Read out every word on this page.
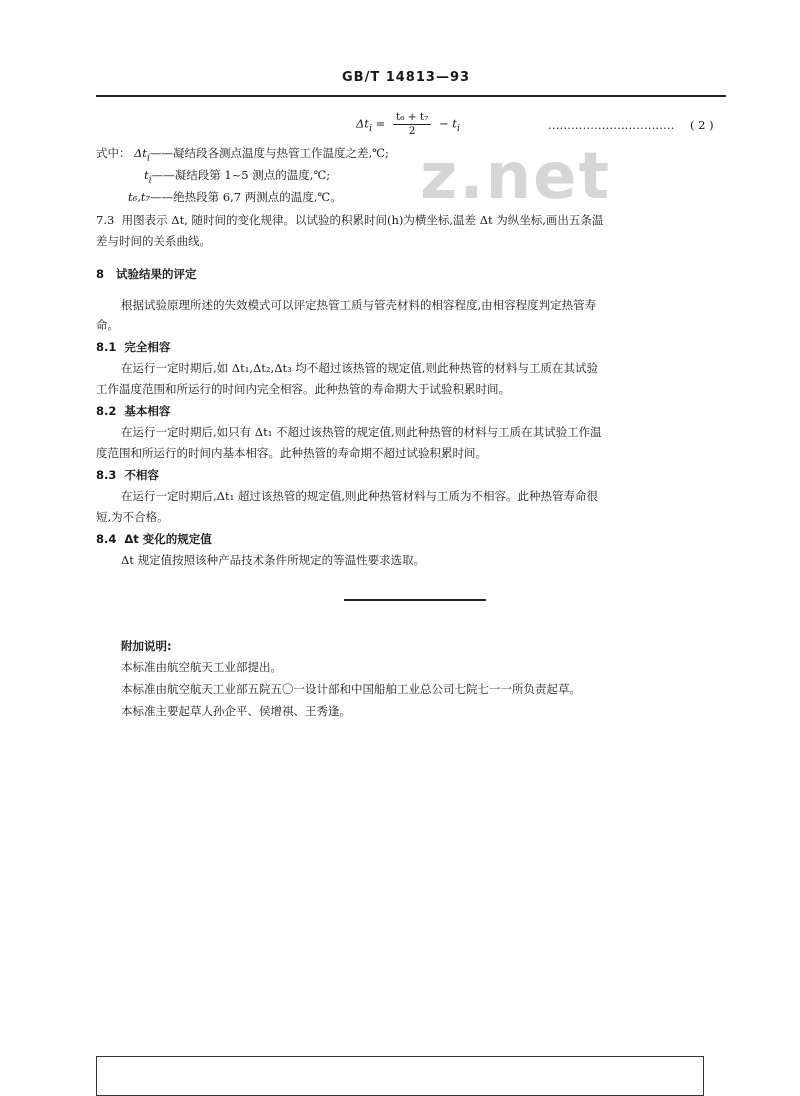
z.net
GB/T 14813—93
$\Delta t_i = \frac{\text{t₆ + t₇}}{2} - t_i$	…………………………… ( 2 )
式中： $\Delta t_i——$凝结段各测点温度与热管工作温度之差,℃;
$t_i——$凝结段第 1~5 测点的温度,℃;
t₆,t₇——绝热段第 6,7 两测点的温度,℃。
7.3 用图表示 Δt, 随时间的变化规律。以试验的积累时间(h)为横坐标,温差 Δt 为纵坐标,画出五条温
差与时间的关系曲线。
8 试验结果的评定
根据试验原理所述的失效模式可以评定热管工质与管壳材料的相容程度,由相容程度判定热管寿
命。
8.1 完全相容
在运行一定时期后,如 Δt₁,Δt₂,Δt₃ 均不超过该热管的规定值,则此种热管的材料与工质在其试验
工作温度范围和所运行的时间内完全相容。此种热管的寿命期大于试验积累时间。
8.2 基本相容
在运行一定时期后,如只有 Δt₁ 不超过该热管的规定值,则此种热管的材料与工质在其试验工作温
度范围和所运行的时间内基本相容。此种热管的寿命期不超过试验积累时间。
8.3 不相容
在运行一定时期后,Δt₁ 超过该热管的规定值,则此种热管材料与工质为不相容。此种热管寿命很
短,为不合格。
8.4 Δt 变化的规定值
Δt 规定值按照该种产品技术条件所规定的等温性要求选取。
附加说明:
本标准由航空航天工业部提出。
本标准由航空航天工业部五院五〇一设计部和中国船舶工业总公司七院七一一所负责起草。
本标准主要起草人孙企平、侯增祺、王秀逢。
